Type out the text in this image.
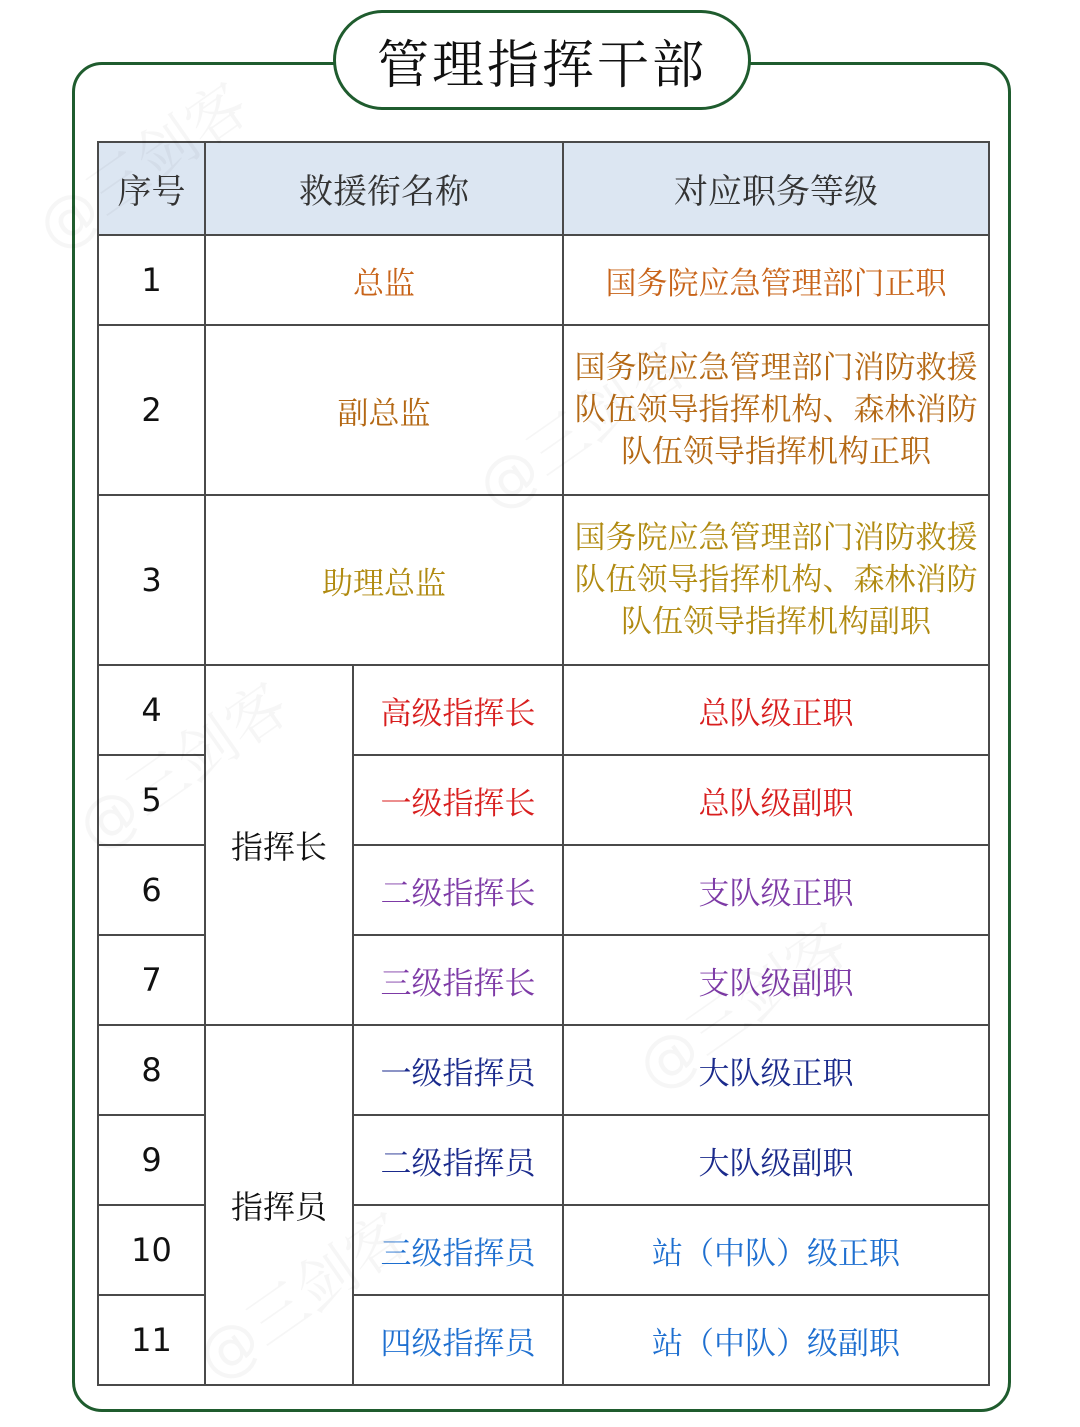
管理指挥干部
序号	救援衔名称		对应职务等级
1	总监		国务院应急管理部门正职
2	副总监		国务院应急管理部门消防救援队伍领导指挥机构、森林消防队伍领导指挥机构正职
3	助理总监		国务院应急管理部门消防救援队伍领导指挥机构、森林消防队伍领导指挥机构副职
4	指挥长	高级指挥长	总队级正职
5		一级指挥长	总队级副职
6		二级指挥长	支队级正职
7		三级指挥长	支队级副职
8	指挥员	一级指挥员	大队级正职
9		二级指挥员	大队级副职
10		三级指挥员	站（中队）级正职
11		四级指挥员	站（中队）级副职
